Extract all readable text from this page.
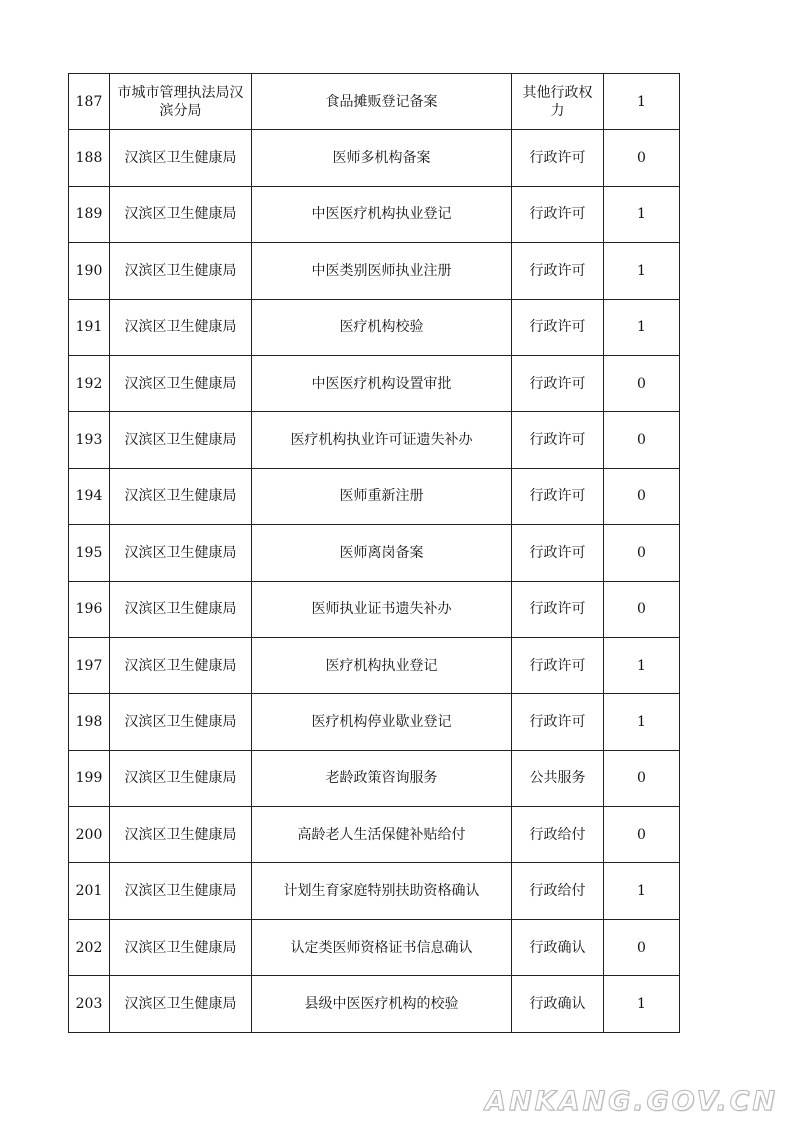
187	市城市管理执法局汉滨分局	食品摊贩登记备案	其他行政权力	1
188	汉滨区卫生健康局	医师多机构备案	行政许可	0
189	汉滨区卫生健康局	中医医疗机构执业登记	行政许可	1
190	汉滨区卫生健康局	中医类别医师执业注册	行政许可	1
191	汉滨区卫生健康局	医疗机构校验	行政许可	1
192	汉滨区卫生健康局	中医医疗机构设置审批	行政许可	0
193	汉滨区卫生健康局	医疗机构执业许可证遗失补办	行政许可	0
194	汉滨区卫生健康局	医师重新注册	行政许可	0
195	汉滨区卫生健康局	医师离岗备案	行政许可	0
196	汉滨区卫生健康局	医师执业证书遗失补办	行政许可	0
197	汉滨区卫生健康局	医疗机构执业登记	行政许可	1
198	汉滨区卫生健康局	医疗机构停业歇业登记	行政许可	1
199	汉滨区卫生健康局	老龄政策咨询服务	公共服务	0
200	汉滨区卫生健康局	高龄老人生活保健补贴给付	行政给付	0
201	汉滨区卫生健康局	计划生育家庭特别扶助资格确认	行政给付	1
202	汉滨区卫生健康局	认定类医师资格证书信息确认	行政确认	0
203	汉滨区卫生健康局	县级中医医疗机构的校验	行政确认	1
ANKANG.GOV.CN
